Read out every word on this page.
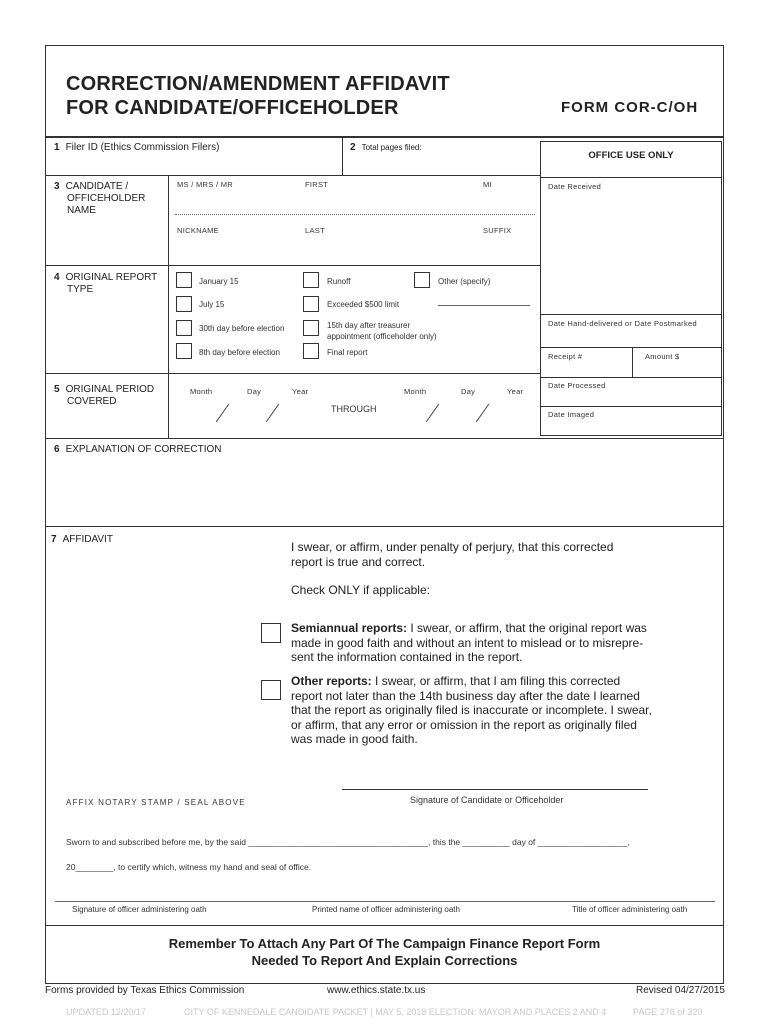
CORRECTION/AMENDMENT AFFIDAVIT
FOR CANDIDATE/OFFICEHOLDER	FORM COR-C/OH
1 Filer ID (Ethics Commission Filers)	2 Total pages filed:
3 CANDIDATE /
OFFICEHOLDER
NAME
MS / MRS / MR	FIRST	MI
NICKNAME	LAST	SUFFIX
4 ORIGINAL REPORT
TYPE
January 15	Runoff	Other (specify)
July 15	Exceeded $500 limit
30th day before election	15th day after treasurer
appointment (officeholder only)
8th day before election	Final report
5 ORIGINAL PERIOD
COVERED
Month	Day	Year
THROUGH
Month	Day	Year
OFFICE USE ONLY
Date Received
Date Hand-delivered or Date Postmarked
Receipt #	Amount $
Date Processed
Date Imaged
6 EXPLANATION OF CORRECTION
7 AFFIDAVIT
I swear, or affirm, under penalty of perjury, that this corrected
report is true and correct.
Check ONLY if applicable:
Semiannual reports: I swear, or affirm, that the original report was
made in good faith and without an intent to mislead or to misrepre-
sent the information contained in the report.
Other reports: I swear, or affirm, that I am filing this corrected
report not later than the 14th business day after the date I learned
that the report as originally filed is inaccurate or incomplete. I swear,
or affirm, that any error or omission in the report as originally filed
was made in good faith.
Signature of Candidate or Officeholder
AFFIX NOTARY STAMP / SEAL ABOVE
Sworn to and subscribed before me, by the said ______________________________________, this the __________ day of ___________________,
20________, to certify which, witness my hand and seal of office.
Signature of officer administering oath	Printed name of officer administering oath	Title of officer administering oath
Remember To Attach Any Part Of The Campaign Finance Report Form
Needed To Report And Explain Corrections
Forms provided by Texas Ethics Commission	www.ethics.state.tx.us	Revised 04/27/2015
UPDATED 12/20/17	CITY OF KENNEDALE CANDIDATE PACKET | MAY 5, 2018 ELECTION: MAYOR AND PLACES 2 AND 4	PAGE 276 of 320
